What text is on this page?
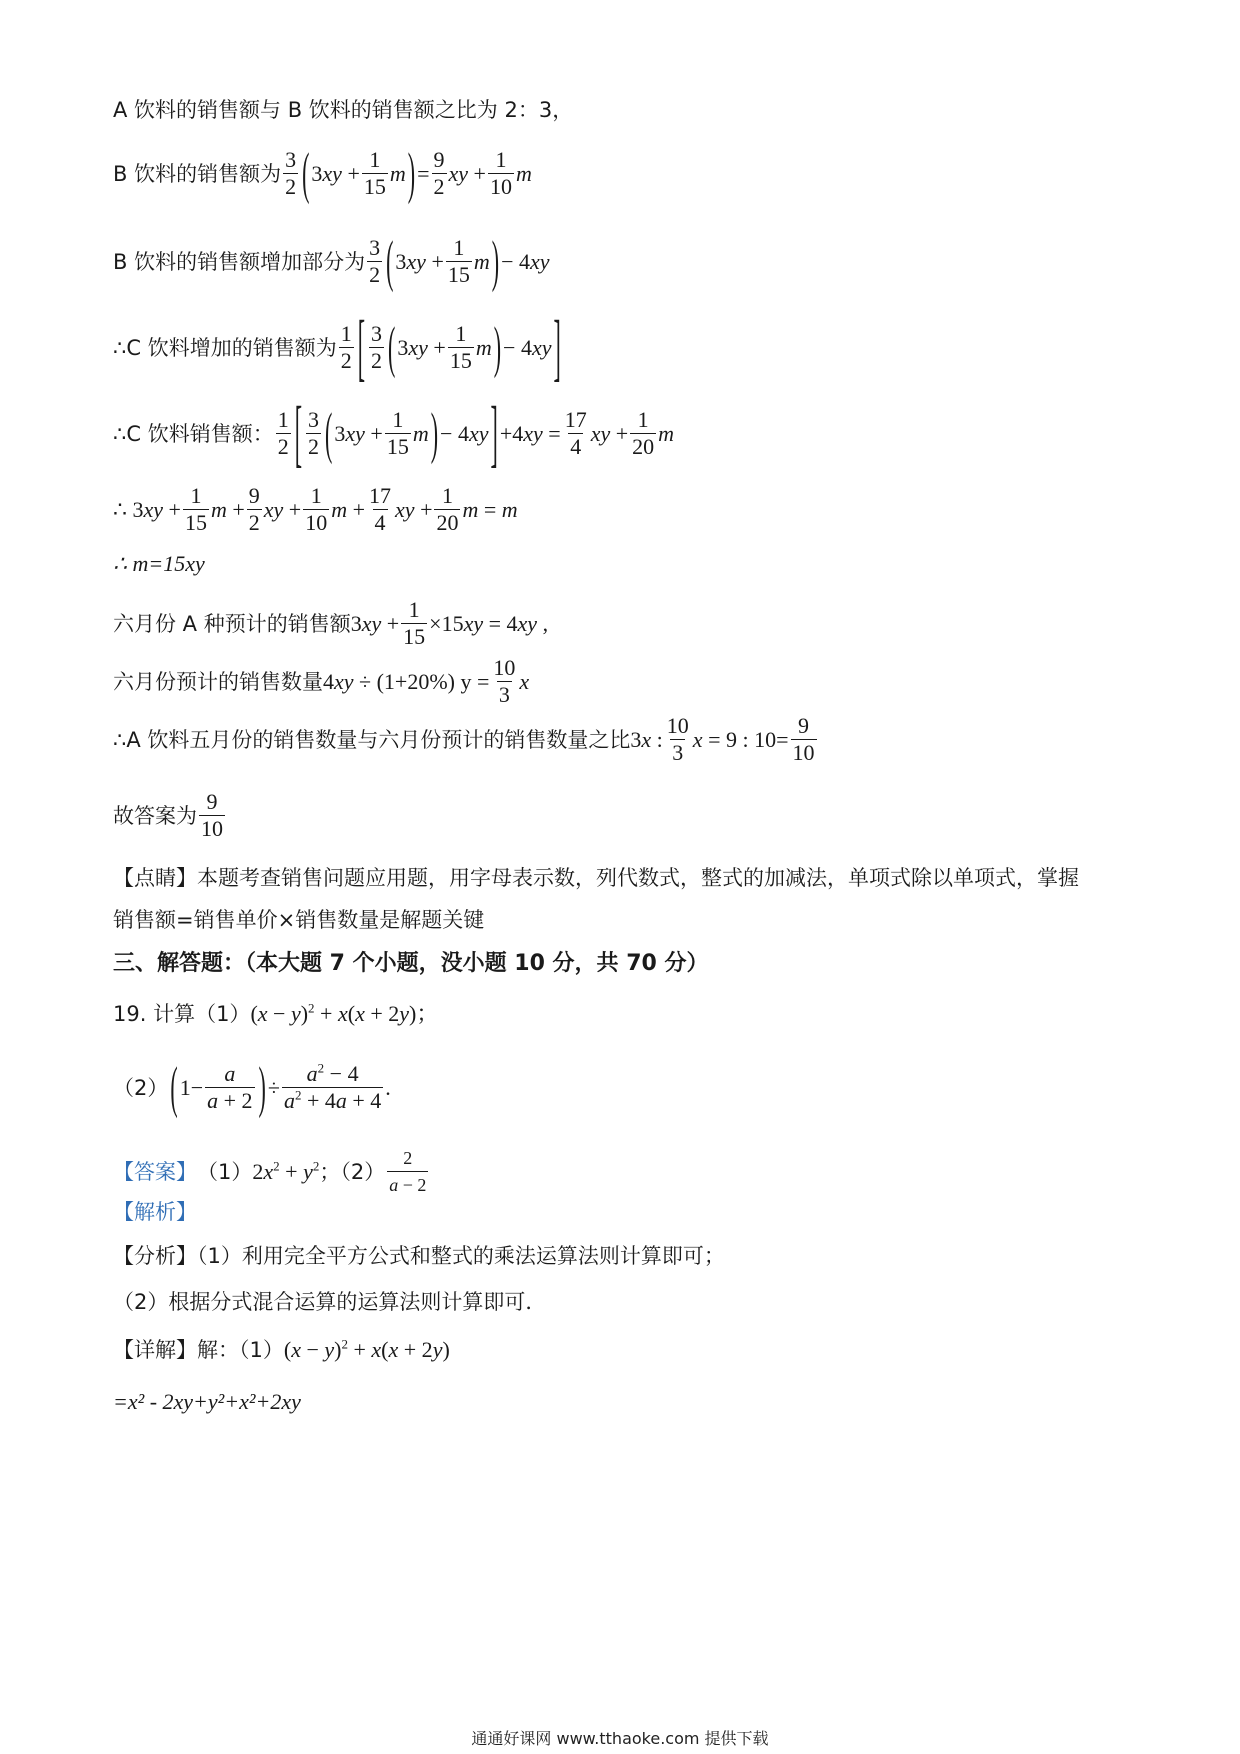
A 饮料的销售额与 B 饮料的销售额之比为 2：3，
B 饮料的销售额为 $\frac{3}{2}$ ( $3xy + \frac{1}{15}$ m ) = $\frac{9}{2}$ xy + $\frac{1}{10}$ m
B 饮料的销售额增加部分为 $\frac{3}{2}$ ( $3xy + \frac{1}{15}$ m ) − 4xy
∴C 饮料增加的销售额为 $\frac{1}{2}$ [ $\frac{3}{2}$ ( $3xy + \frac{1}{15}$ m ) − 4xy ]
∴C 饮料销售额： $\frac{1}{2}$ [ $\frac{3}{2}$ ( $3xy + \frac{1}{15}$ m ) − 4xy ] $+4xy = \frac{17}{4}$ xy + $\frac{1}{20}$ m
∴ $3xy + \frac{1}{15}$ $m + \frac{9}{2}$ xy + $\frac{1}{10}$ $m + \frac{17}{4}$ xy + $\frac{1}{20}$ m = m
∴ m=15xy
六月份 A 种预计的销售额 $3xy + \frac{1}{15} \times 15xy = 4xy$ ,
六月份预计的销售数量 4xy ÷ (1+20%) $y = \frac{10}{3}$ x
∴A 饮料五月份的销售数量与六月份预计的销售数量之比 3x : $\frac{10}{3}$ x = 9 : $10= \frac{9}{10}$
故答案为 $\frac{9}{10}$
【点睛】本题考查销售问题应用题，用字母表示数，列代数式，整式的加减法，单项式除以单项式，掌握
销售额=销售单价×销售数量是解题关键
三、解答题：（本大题 7 个小题，没小题 10 分，共 70 分）
19. 计算（1） $(x - y)^2 + x(x + 2y)$；
（2） ( $1- \frac{a}{a + 2}$ ) ÷ $\frac{a^2 - 4}{a^2 + 4a + 4}$ .
【答案】 （1） $2x^2 + y^2$ ；$(2) \frac{2}{a - 2}$
【解析】
【分析】（1）利用完全平方公式和整式的乘法运算法则计算即可；
（2）根据分式混合运算的运算法则计算即可．
【详解】解：（1） $(x - y)^2 + x(x + 2y)$
=x² - 2xy+y²+x²+2xy
通通好课网 www.tthaoke.com 提供下载
